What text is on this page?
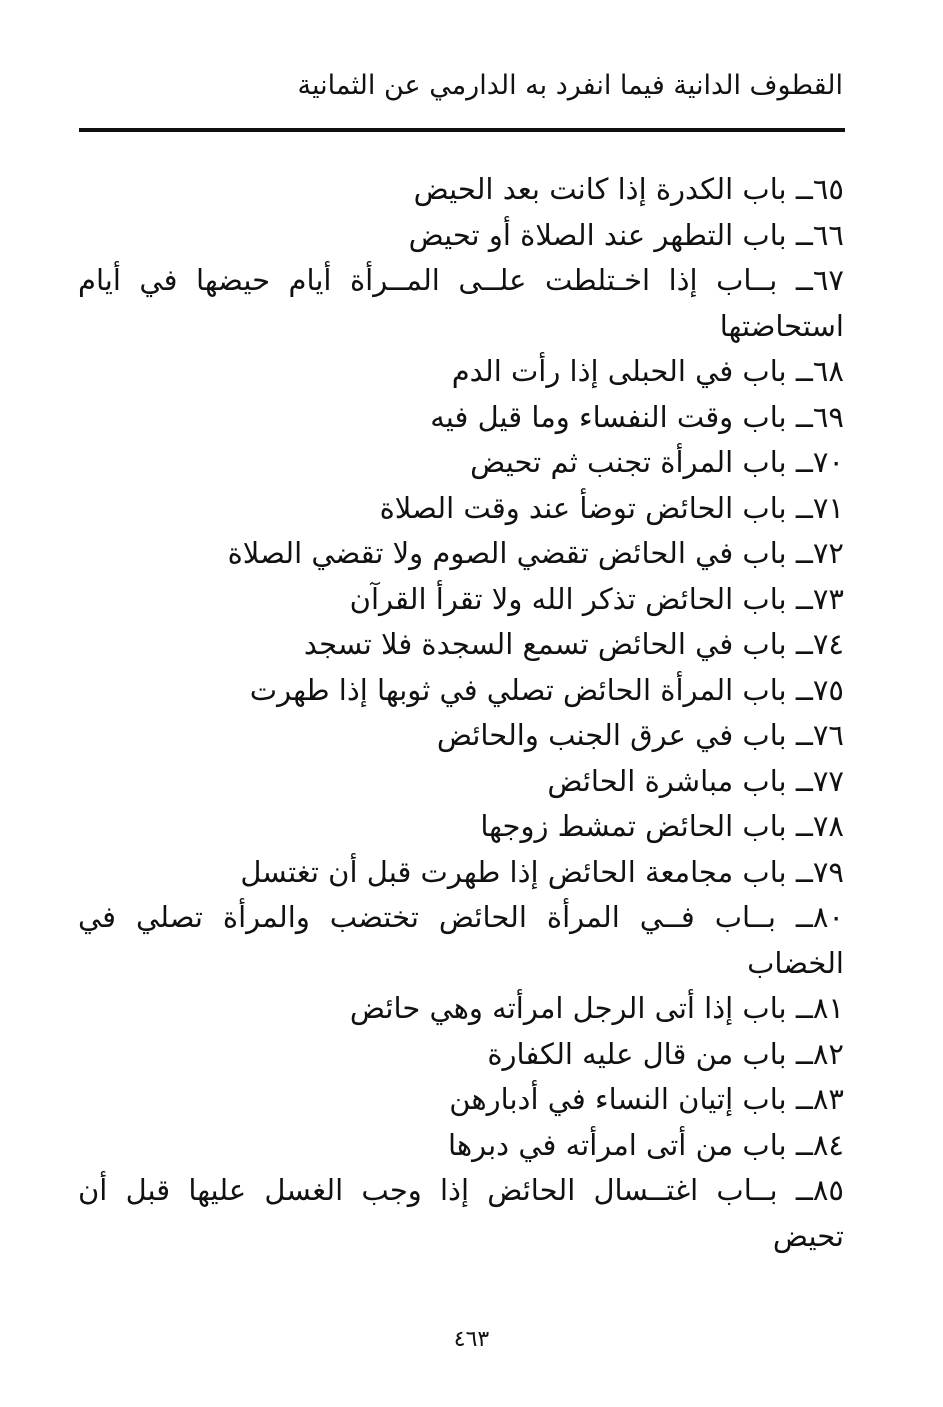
القطوف الدانية فيما انفرد به الدارمي عن الثمانية
٦٥ــ باب الكدرة إذا كانت بعد الحيض
٦٦ــ باب التطهر عند الصلاة أو تحيض
٦٧ــ بــاب إذا اخـتلطت علــى المــرأة أيام حيضها في أيام
استحاضتها
٦٨ــ باب في الحبلى إذا رأت الدم
٦٩ــ باب وقت النفساء وما قيل فيه
٧٠ــ باب المرأة تجنب ثم تحيض
٧١ــ باب الحائض توضأ عند وقت الصلاة
٧٢ــ باب في الحائض تقضي الصوم ولا تقضي الصلاة
٧٣ــ باب الحائض تذكر الله ولا تقرأ القرآن
٧٤ــ باب في الحائض تسمع السجدة فلا تسجد
٧٥ــ باب المرأة الحائض تصلي في ثوبها إذا طهرت
٧٦ــ باب في عرق الجنب والحائض
٧٧ــ باب مباشرة الحائض
٧٨ــ باب الحائض تمشط زوجها
٧٩ــ باب مجامعة الحائض إذا طهرت قبل أن تغتسل
٨٠ــ بــاب فــي المرأة الحائض تختضب والمرأة تصلي في
الخضاب
٨١ــ باب إذا أتى الرجل امرأته وهي حائض
٨٢ــ باب من قال عليه الكفارة
٨٣ــ باب إتيان النساء في أدبارهن
٨٤ــ باب من أتى امرأته في دبرها
٨٥ــ بــاب اغتــسال الحائض إذا وجب الغسل عليها قبل أن
تحيض
٤٦٣
